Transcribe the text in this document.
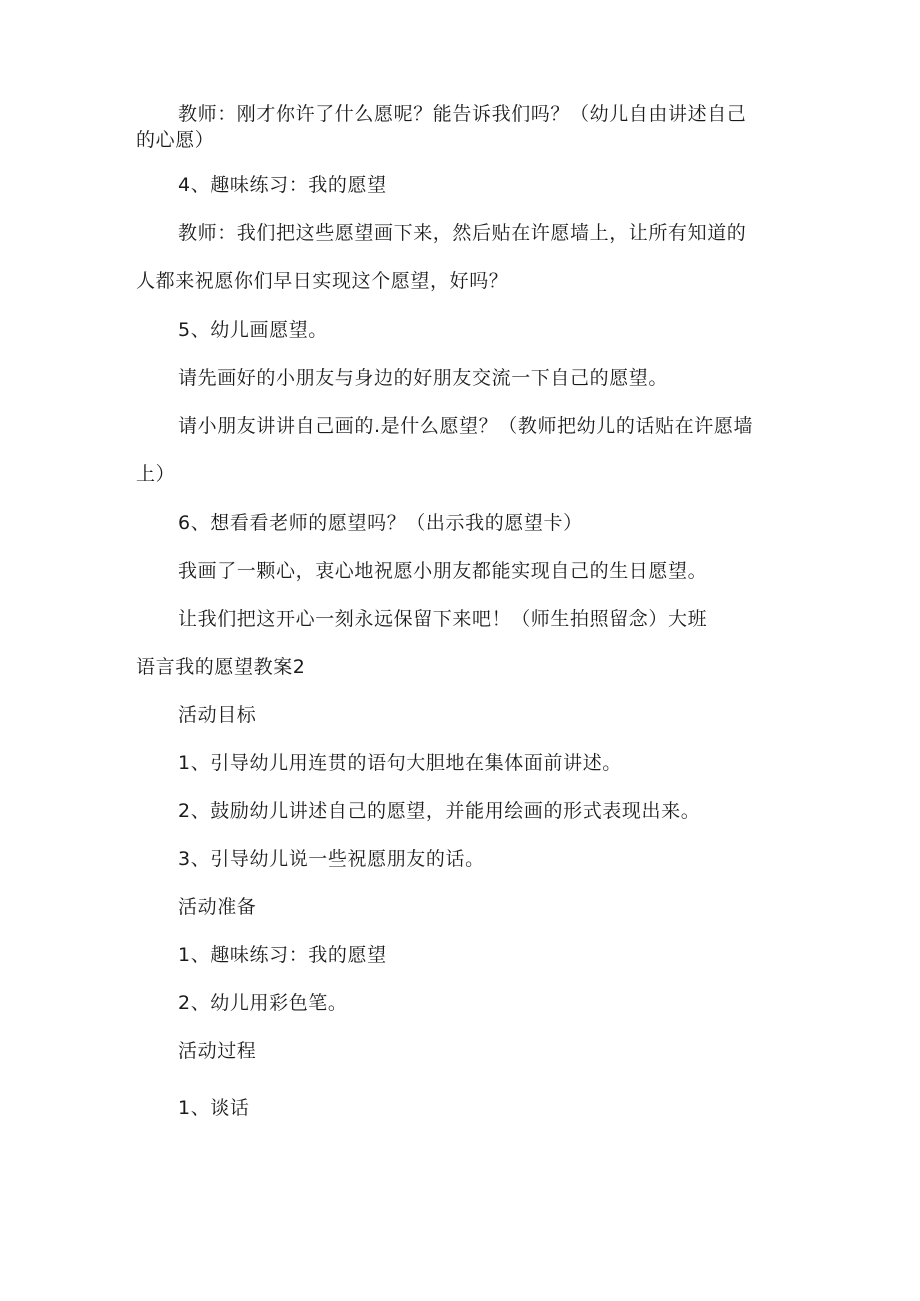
教师：刚才你许了什么愿呢？能告诉我们吗？（幼儿自由讲述自己

的心愿）

4、趣味练习：我的愿望

教师：我们把这些愿望画下来，然后贴在许愿墙上，让所有知道的

人都来祝愿你们早日实现这个愿望，好吗？

5、幼儿画愿望。

请先画好的小朋友与身边的好朋友交流一下自己的愿望。

请小朋友讲讲自己画的.是什么愿望？（教师把幼儿的话贴在许愿墙

上）

6、想看看老师的愿望吗？（出示我的愿望卡）

我画了一颗心，衷心地祝愿小朋友都能实现自己的生日愿望。

让我们把这开心一刻永远保留下来吧！（师生拍照留念）大班

语言我的愿望教案2

活动目标

1、引导幼儿用连贯的语句大胆地在集体面前讲述。

2、鼓励幼儿讲述自己的愿望，并能用绘画的形式表现出来。

3、引导幼儿说一些祝愿朋友的话。

活动准备

1、趣味练习：我的愿望

2、幼儿用彩色笔。

活动过程

1、谈话
